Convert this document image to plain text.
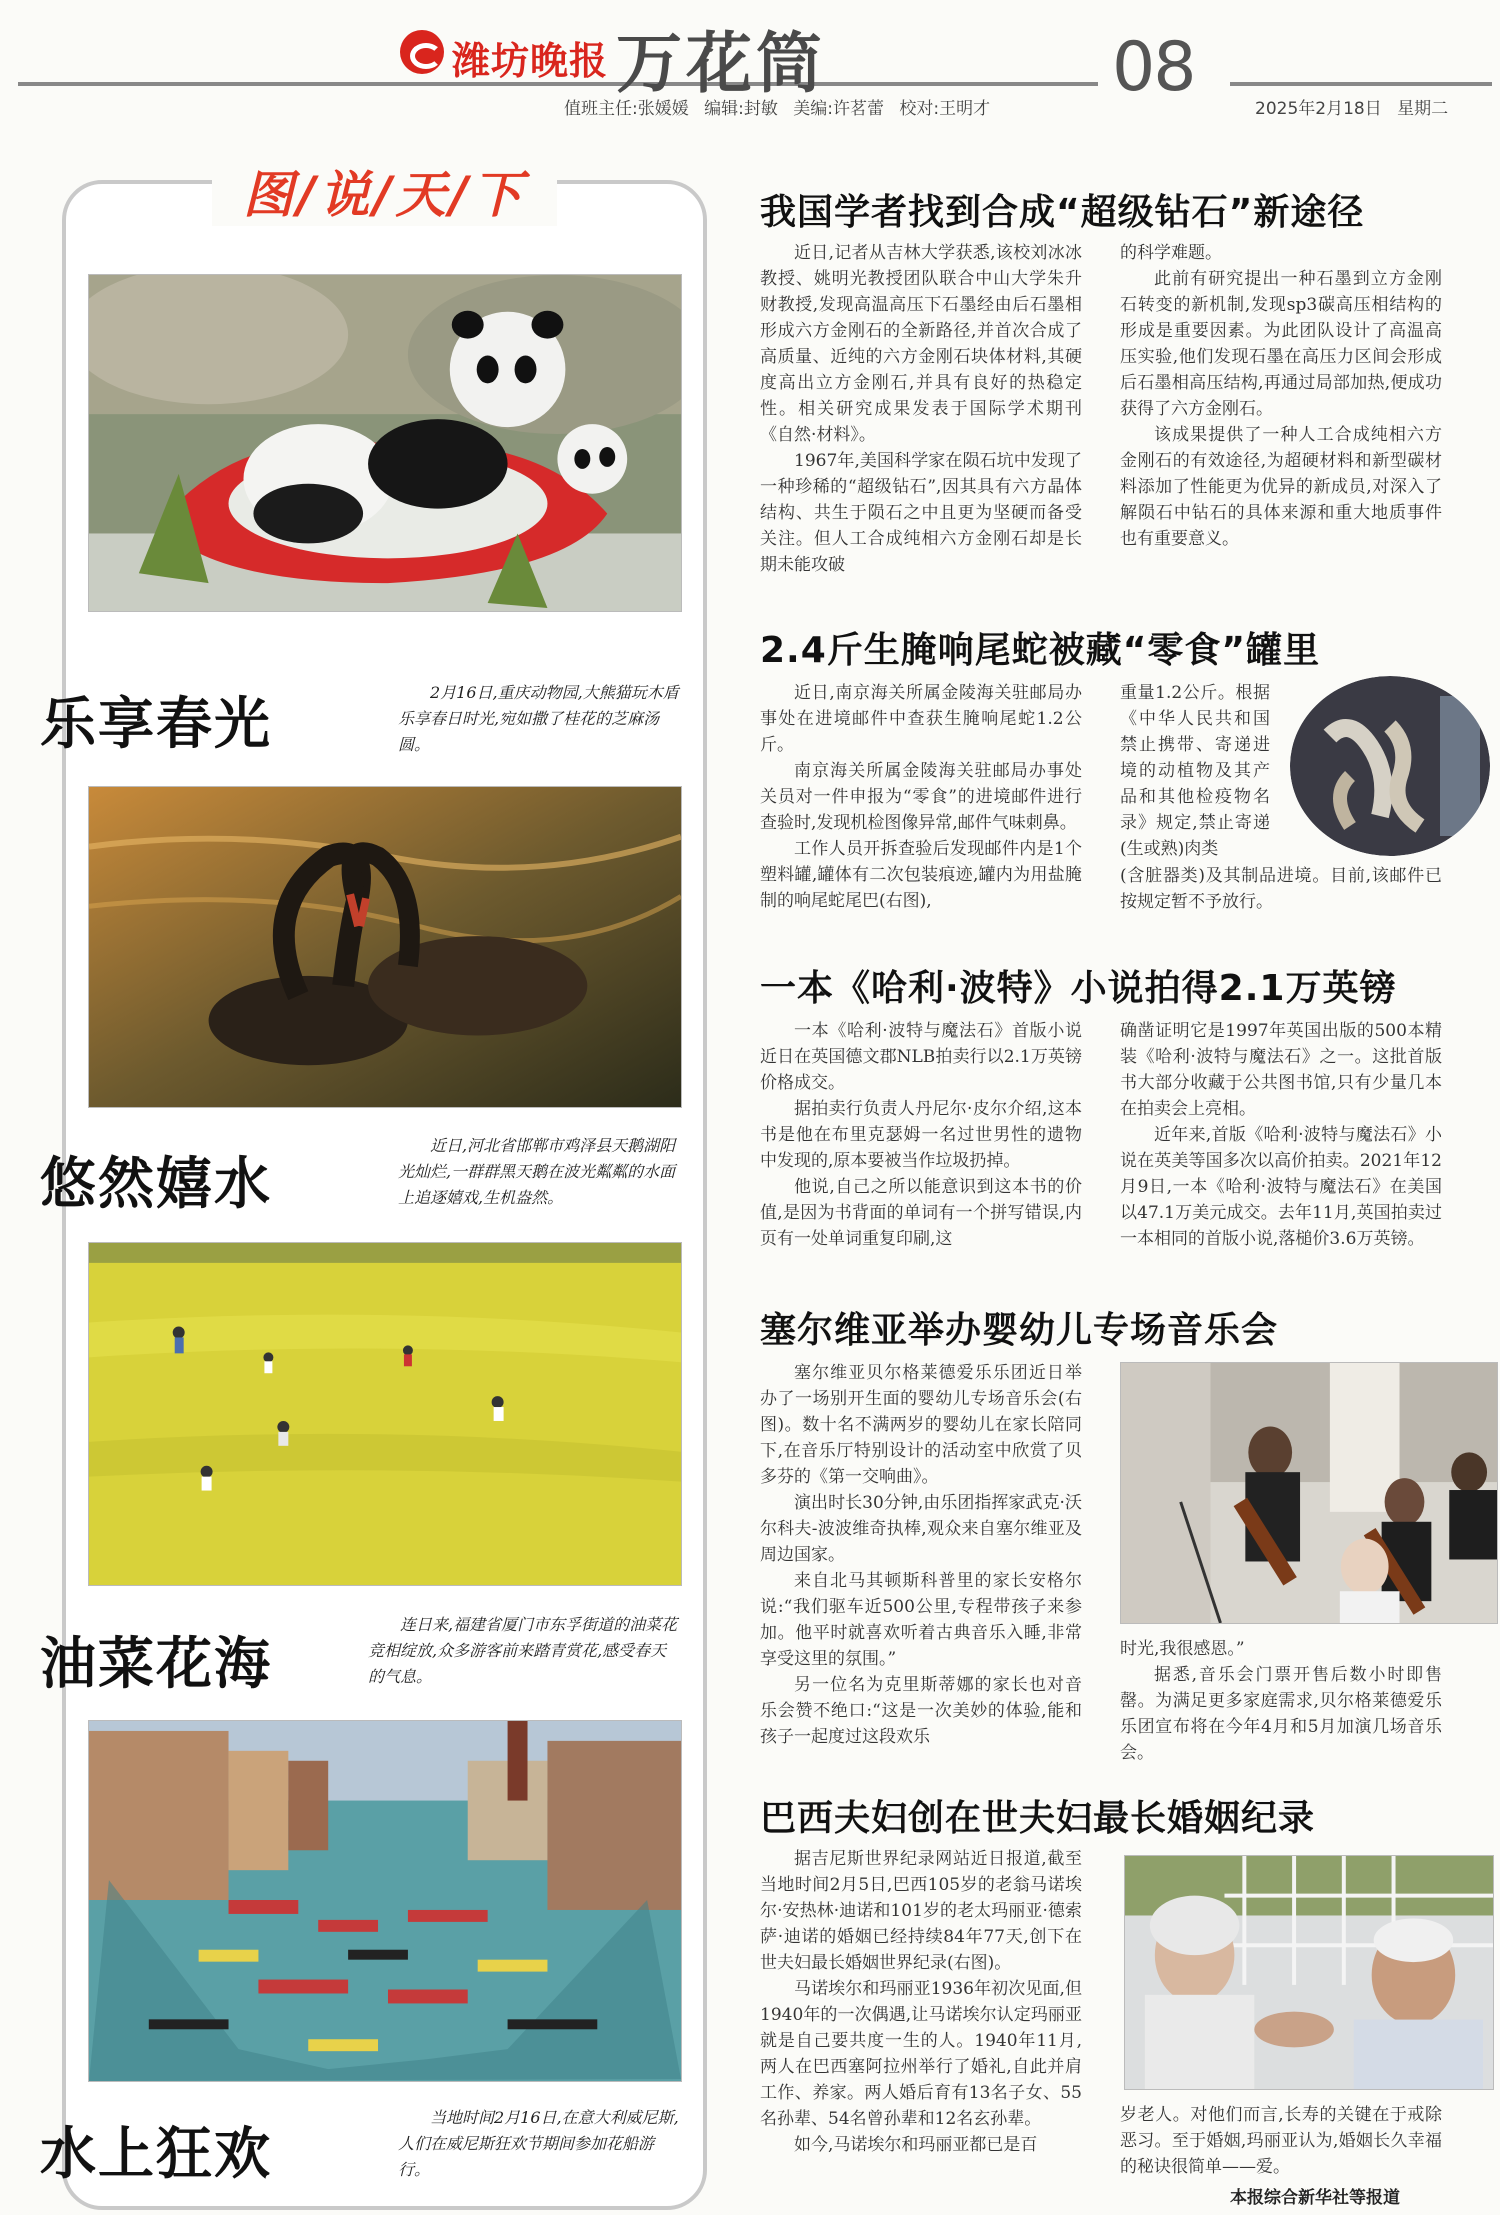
潍坊晚报 万花筒	08
值班主任:张媛媛 编辑:封敏 美编:许茗蕾 校对:王明才	2025年2月18日 星期二
图/说/天/下
乐享春光	2月16日,重庆动物园,大熊猫玩木盾乐享春日时光,宛如撒了桂花的芝麻汤圆。
悠然嬉水
近日,河北省邯郸市鸡泽县天鹅湖阳光灿烂,一群群黑天鹅在波光粼粼的水面上追逐嬉戏,生机盎然。
油菜花海
连日来,福建省厦门市东孚街道的油菜花竞相绽放,众多游客前来踏青赏花,感受春天的气息。
水上狂欢
当地时间2月16日,在意大利威尼斯,人们在威尼斯狂欢节期间参加花船游行。
我国学者找到合成“超级钻石”新途径

近日,记者从吉林大学获悉,该校刘冰冰教授、姚明光教授团队联合中山大学朱升财教授,发现高温高压下石墨经由后石墨相形成六方金刚石的全新路径,并首次合成了高质量、近纯的六方金刚石块体材料,其硬度高出立方金刚石,并具有良好的热稳定性。相关研究成果发表于国际学术期刊《自然·材料》。

1967年,美国科学家在陨石坑中发现了一种珍稀的“超级钻石”,因其具有六方晶体结构、共生于陨石之中且更为坚硬而备受关注。但人工合成纯相六方金刚石却是长期未能攻破

的科学难题。

此前有研究提出一种石墨到立方金刚石转变的新机制,发现sp3碳高压相结构的形成是重要因素。为此团队设计了高温高压实验,他们发现石墨在高压力区间会形成后石墨相高压结构,再通过局部加热,便成功获得了六方金刚石。

该成果提供了一种人工合成纯相六方金刚石的有效途径,为超硬材料和新型碳材料添加了性能更为优异的新成员,对深入了解陨石中钻石的具体来源和重大地质事件也有重要意义。

2.4斤生腌响尾蛇被藏“零食”罐里

近日,南京海关所属金陵海关驻邮局办事处在进境邮件中查获生腌响尾蛇1.2公斤。

南京海关所属金陵海关驻邮局办事处关员对一件申报为“零食”的进境邮件进行查验时,发现机检图像异常,邮件气味刺鼻。

工作人员开拆查验后发现邮件内是1个塑料罐,罐体有二次包装痕迹,罐内为用盐腌制的响尾蛇尾巴(右图),

重量1.2公斤。根据《中华人民共和国禁止携带、寄递进境的动植物及其产品和其他检疫物名录》规定,禁止寄递(生或熟)肉类

(含脏器类)及其制品进境。目前,该邮件已按规定暂不予放行。

一本《哈利·波特》小说拍得2.1万英镑

一本《哈利·波特与魔法石》首版小说近日在英国德文郡NLB拍卖行以2.1万英镑价格成交。

据拍卖行负责人丹尼尔·皮尔介绍,这本书是他在布里克瑟姆一名过世男性的遗物中发现的,原本要被当作垃圾扔掉。

他说,自己之所以能意识到这本书的价值,是因为书背面的单词有一个拼写错误,内页有一处单词重复印刷,这

确凿证明它是1997年英国出版的500本精装《哈利·波特与魔法石》之一。这批首版书大部分收藏于公共图书馆,只有少量几本在拍卖会上亮相。

近年来,首版《哈利·波特与魔法石》小说在英美等国多次以高价拍卖。2021年12月9日,一本《哈利·波特与魔法石》在美国以47.1万美元成交。去年11月,英国拍卖过一本相同的首版小说,落槌价3.6万英镑。

塞尔维亚举办婴幼儿专场音乐会

塞尔维亚贝尔格莱德爱乐乐团近日举办了一场别开生面的婴幼儿专场音乐会(右图)。数十名不满两岁的婴幼儿在家长陪同下,在音乐厅特别设计的活动室中欣赏了贝多芬的《第一交响曲》。

演出时长30分钟,由乐团指挥家武克·沃尔科夫-波波维奇执棒,观众来自塞尔维亚及周边国家。

来自北马其顿斯科普里的家长安格尔说:“我们驱车近500公里,专程带孩子来参加。他平时就喜欢听着古典音乐入睡,非常享受这里的氛围。”

另一位名为克里斯蒂娜的家长也对音乐会赞不绝口:“这是一次美妙的体验,能和孩子一起度过这段欢乐

时光,我很感恩。”

据悉,音乐会门票开售后数小时即售罄。为满足更多家庭需求,贝尔格莱德爱乐乐团宣布将在今年4月和5月加演几场音乐会。

巴西夫妇创在世夫妇最长婚姻纪录

据吉尼斯世界纪录网站近日报道,截至当地时间2月5日,巴西105岁的老翁马诺埃尔·安热林·迪诺和101岁的老太玛丽亚·德索萨·迪诺的婚姻已经持续84年77天,创下在世夫妇最长婚姻世界纪录(右图)。

马诺埃尔和玛丽亚1936年初次见面,但1940年的一次偶遇,让马诺埃尔认定玛丽亚就是自己要共度一生的人。1940年11月,两人在巴西塞阿拉州举行了婚礼,自此并肩工作、养家。两人婚后育有13名子女、55名孙辈、54名曾孙辈和12名玄孙辈。

如今,马诺埃尔和玛丽亚都已是百

岁老人。对他们而言,长寿的关键在于戒除恶习。至于婚姻,玛丽亚认为,婚姻长久幸福的秘诀很简单——爱。

本报综合新华社等报道
